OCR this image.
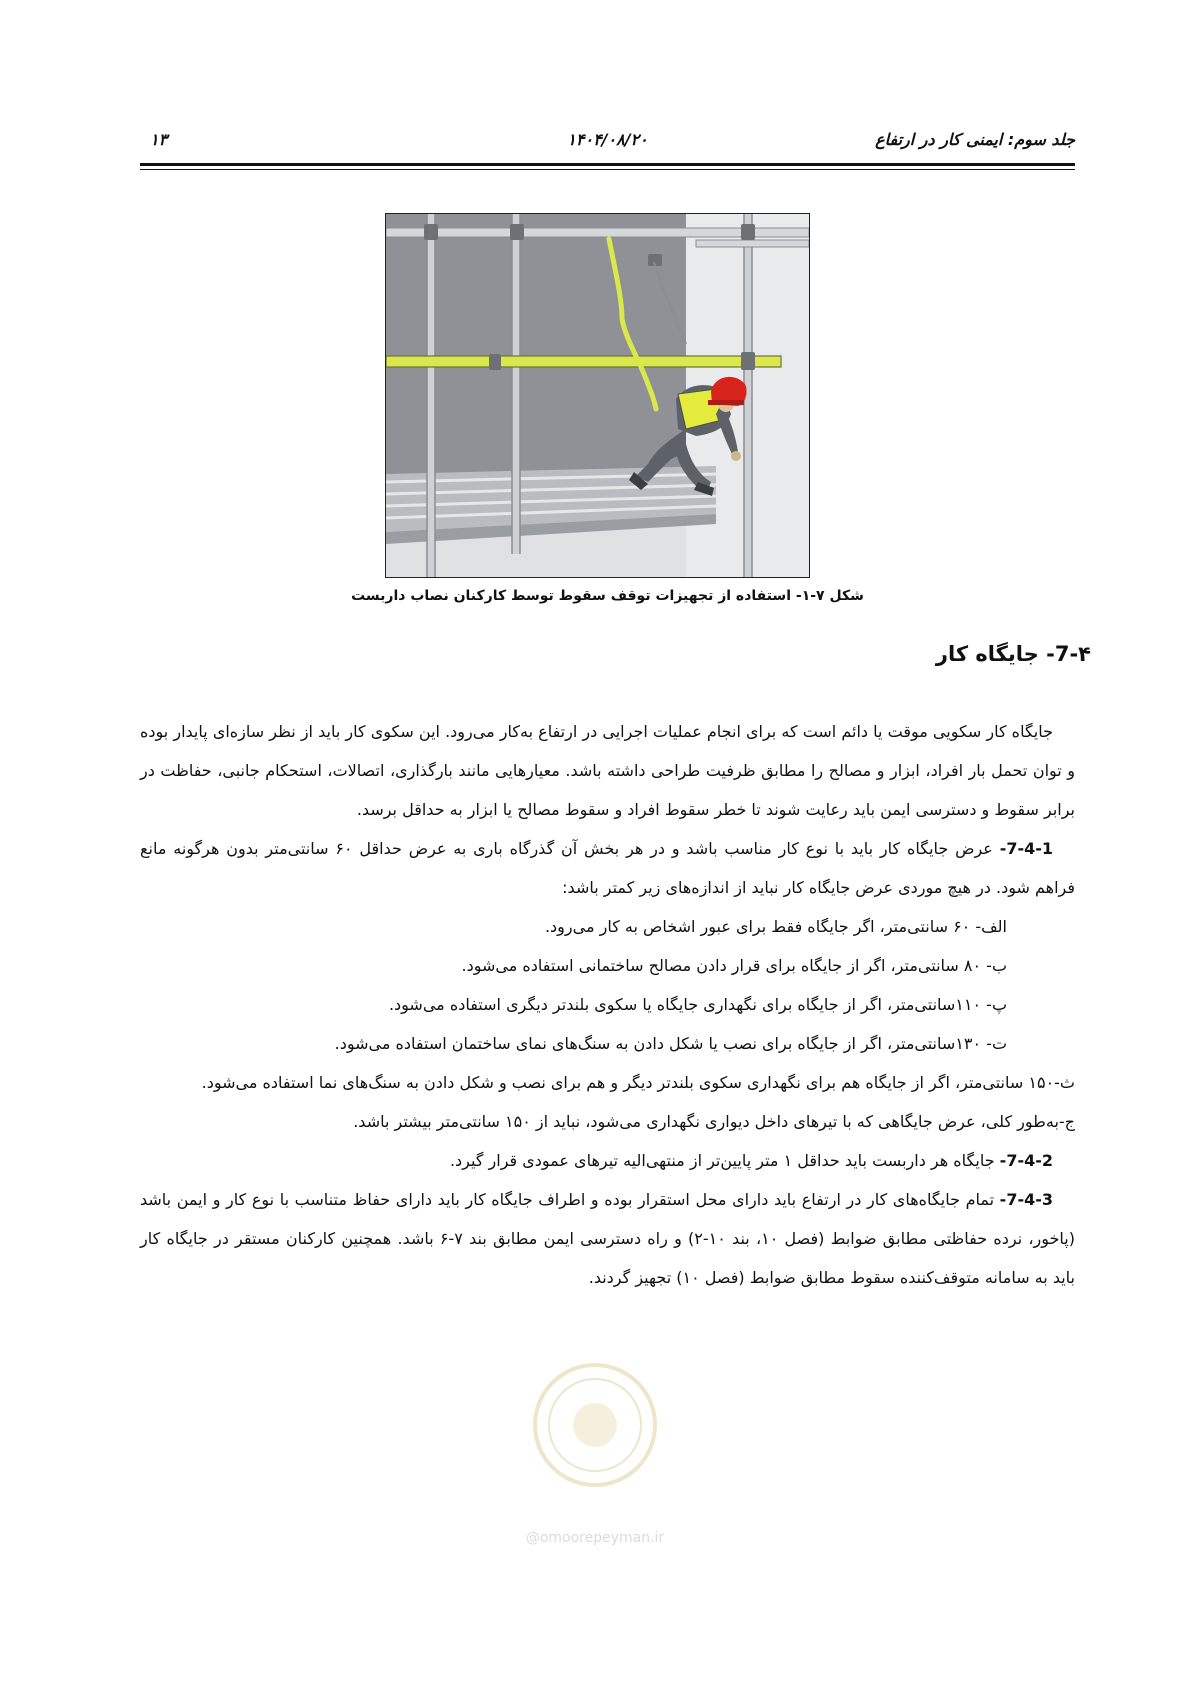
جلد سوم: ایمنی کار در ارتفاع
۱۴۰۴/۰۸/۲۰
۱۳
شکل ۷-۱- استفاده از تجهیزات توقف سقوط توسط کارکنان نصاب داربست
7-۴- جایگاه کار

جایگاه کار سکویی موقت یا دائم است که برای انجام عملیات اجرایی در ارتفاع به‌کار می‌رود. این سکوی کار باید از نظر سازه‌ای پایدار بوده و توان تحمل بار افراد، ابزار و مصالح را مطابق ظرفیت طراحی داشته باشد. معیارهایی مانند بارگذاری، اتصالات، استحکام جانبی، حفاظت در برابر سقوط و دسترسی ایمن باید رعایت شوند تا خطر سقوط افراد و سقوط مصالح یا ابزار به حداقل برسد.

7-4-1- عرض جایگاه کار باید با نوع کار مناسب باشد و در هر بخش آن گذرگاه باری به عرض حداقل ۶۰ سانتی‌متر بدون هرگونه مانع فراهم شود. در هیچ موردی عرض جایگاه کار نباید از اندازه‌های زیر کمتر باشد:

الف- ۶۰ سانتی‌متر، اگر جایگاه فقط برای عبور اشخاص به کار می‌رود.

ب- ۸۰ سانتی‌متر، اگر از جایگاه برای قرار دادن مصالح ساختمانی استفاده می‌شود.

پ- ۱۱۰سانتی‌متر، اگر از جایگاه برای نگهداری جایگاه یا سکوی بلندتر دیگری استفاده می‌شود.

ت- ۱۳۰سانتی‌متر، اگر از جایگاه برای نصب یا شکل دادن به سنگ‌های نمای ساختمان استفاده می‌شود.

ث-۱۵۰ سانتی‌متر، اگر از جایگاه هم برای نگهداری سکوی بلندتر دیگر و هم برای نصب و شکل دادن به سنگ‌های نما استفاده می‌شود.

ج-به‌طور کلی، عرض جایگاهی که با تیرهای داخل دیواری نگهداری می‌شود، نباید از ۱۵۰ سانتی‌متر بیشتر باشد.

7-4-2- جایگاه هر داربست باید حداقل ۱ متر پایین‌تر از منتهی‌الیه تیرهای عمودی قرار گیرد.

7-4-3- تمام جایگاه‌های کار در ارتفاع باید دارای محل استقرار بوده و اطراف جایگاه کار باید دارای حفاظ متناسب با نوع کار و ایمن باشد (پاخور، نرده حفاظتی مطابق ضوابط (فصل ۱۰، بند ۱۰-۲) و راه دسترسی ایمن مطابق بند ۷-۶ باشد. همچنین کارکنان مستقر در جایگاه کار باید به سامانه متوقف‌کننده سقوط مطابق ضوابط (فصل ۱۰) تجهیز گردند.

@omoorepeyman.ir
